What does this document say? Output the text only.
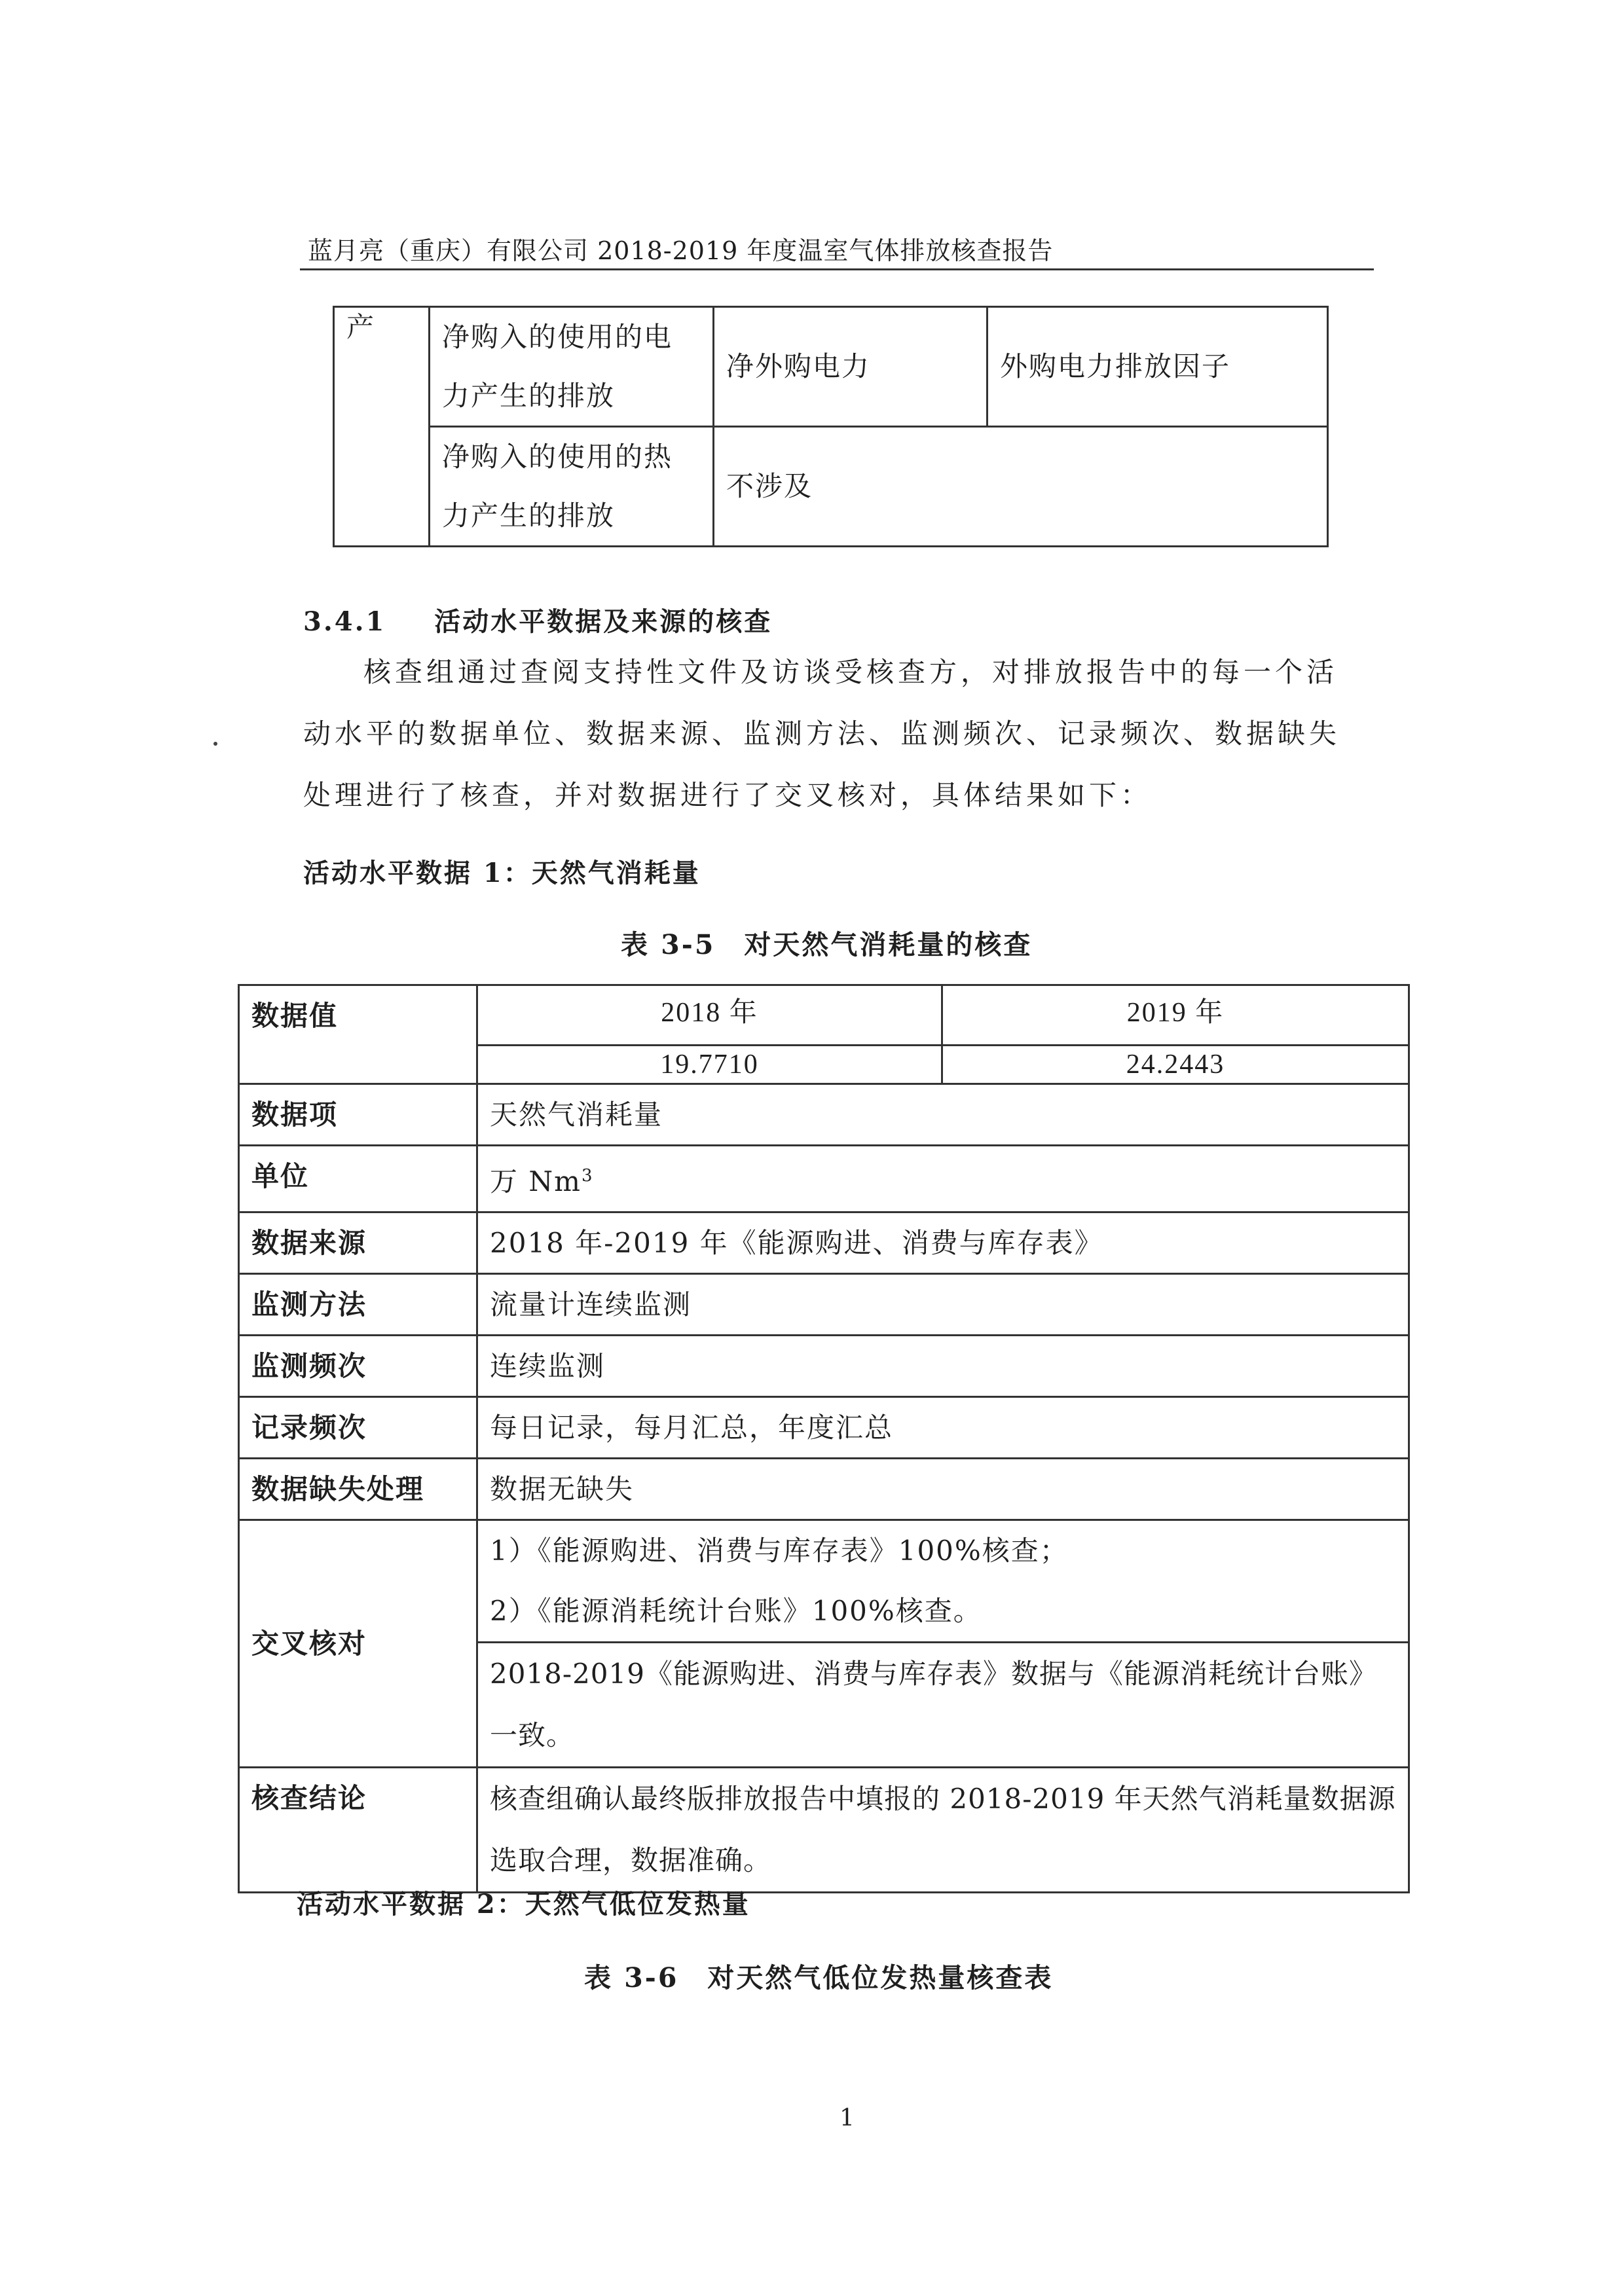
蓝月亮（重庆）有限公司 2018-2019 年度温室气体排放核查报告
产	净购入的使用的电力产生的排放	净外购电力	外购电力排放因子
	净购入的使用的热力产生的排放	不涉及	
3.4.1 活动水平数据及来源的核查
核查组通过查阅支持性文件及访谈受核查方，对排放报告中的每一个活动水平的数据单位、数据来源、监测方法、监测频次、记录频次、数据缺失处理进行了核查，并对数据进行了交叉核对，具体结果如下：
活动水平数据 1：天然气消耗量
表 3-5　对天然气消耗量的核查
数据值	2018 年	2019 年
	19.7710	24.2443
数据项	天然气消耗量	
单位	万 Nm$^3$
数据来源	2018 年-2019 年《能源购进、消费与库存表》	
监测方法	流量计连续监测	
监测频次	连续监测	
记录频次	每日记录，每月汇总，年度汇总	
数据缺失处理	数据无缺失	
交叉核对	1）《能源购进、消费与库存表》100%核查；
2）《能源消耗统计台账》100%核查。	

	2018-2019《能源购进、消费与库存表》数据与《能源消耗统计台账》一致。	
核查结论	核查组确认最终版排放报告中填报的 2018-2019 年天然气消耗量数据源选取合理，数据准确。	
活动水平数据 2：天然气低位发热量
表 3-6　对天然气低位发热量核查表
1
